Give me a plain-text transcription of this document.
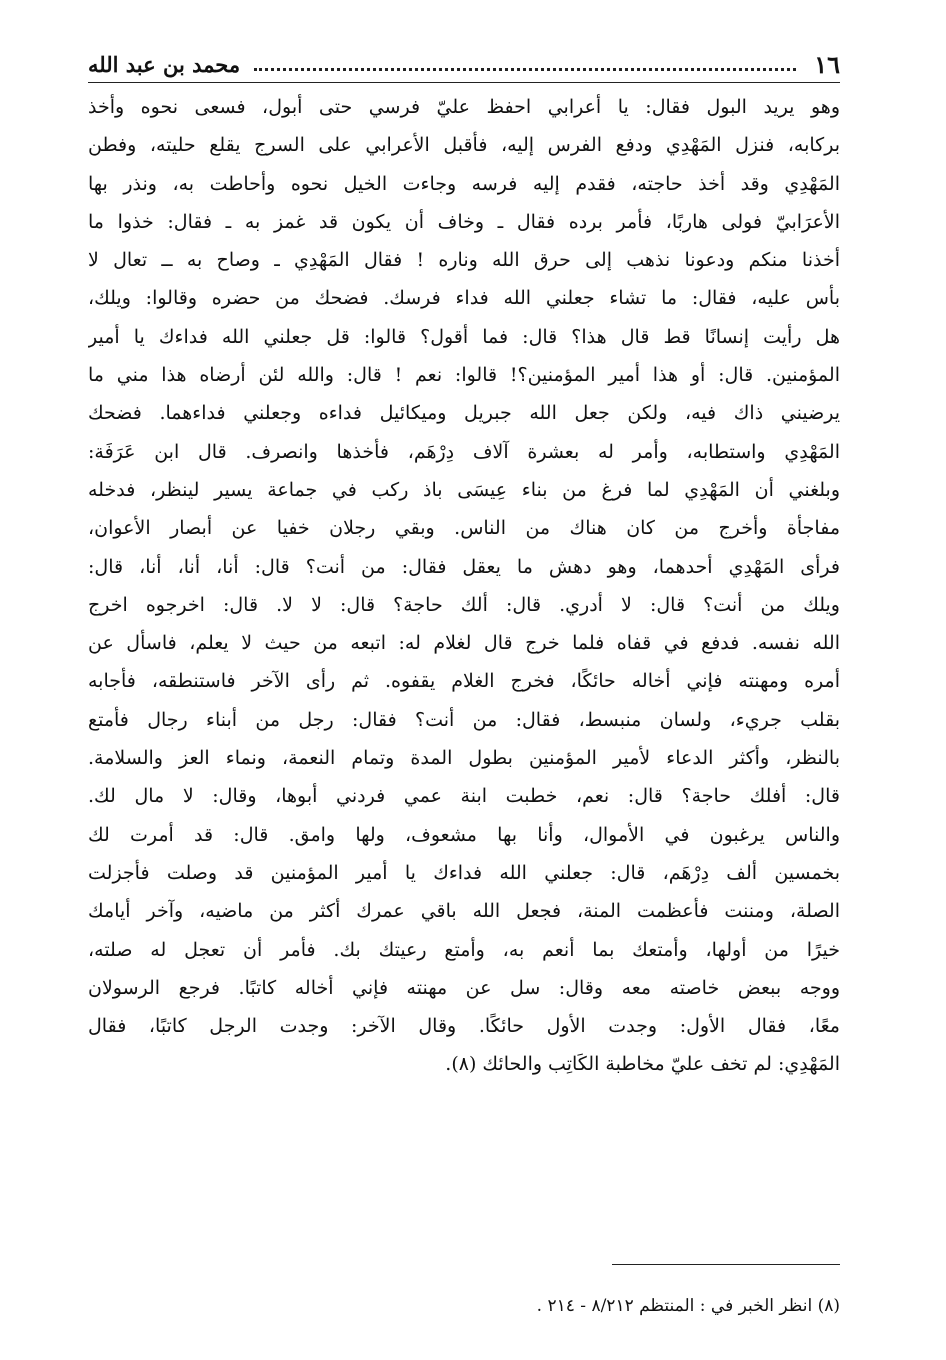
١٦
محمد بن عبد الله
وهو يريد البول فقال: يا أعرابي احفظ عليّ فرسي حتى أبول، فسعى نحوه وأخذ
بركابه، فنزل المَهْدِي ودفع الفرس إليه، فأقبل الأعرابي على السرج يقلع حليته، وفطن
المَهْدِي وقد أخذ حاجته، فقدم إليه فرسه وجاءت الخيل نحوه وأحاطت به، ونذر بها
الأعرَابيّ فولى هاربًا، فأمر برده فقال ـ وخاف أن يكون قد غمز به ـ فقال: خذوا ما
أخذنا منكم ودعونا نذهب إلى حرق الله وناره ! فقال المَهْدِي ـ وصاح به ــ تعال لا
بأس عليه، فقال: ما تشاء جعلني الله فداء فرسك. فضحك من حضره وقالوا: ويلك،
هل رأيت إنسانًا قط قال هذا؟ قال: فما أقول؟ قالوا: قل جعلني الله فداءك يا أمير
المؤمنين. قال: أو هذا أمير المؤمنين؟! قالوا: نعم ! قال: والله لئن أرضاه هذا مني ما
يرضيني ذاك فيه، ولكن جعل الله جبريل وميكائيل فداءه وجعلني فداءهما. فضحك
المَهْدِي واستطابه، وأمر له بعشرة آلاف دِرْهَم، فأخذها وانصرف. قال ابن عَرَفَة:
وبلغني أن المَهْدِي لما فرغ من بناء عِيسَى باذ ركب في جماعة يسير لينظر، فدخله
مفاجأة وأخرج من كان هناك من الناس. وبقي رجلان خفيا عن أبصار الأعوان،
فرأى المَهْدِي أحدهما، وهو دهش ما يعقل فقال: من أنت؟ قال: أنا، أنا، أنا، قال:
ويلك من أنت؟ قال: لا أدري. قال: ألك حاجة؟ قال: لا لا. قال: اخرجوه اخرج
الله نفسه. فدفع في قفاه فلما خرج قال لغلام له: اتبعه من حيث لا يعلم، فاسأل عن
أمره ومهنته فإني أخاله حائكًا، فخرج الغلام يقفوه. ثم رأى الآخر فاستنطقه، فأجابه
بقلب جريء، ولسان منبسط، فقال: من أنت؟ فقال: رجل من أبناء رجال فأمتع
بالنظر، وأكثر الدعاء لأمير المؤمنين بطول المدة وتمام النعمة، ونماء العز والسلامة.
قال: أفلك حاجة؟ قال: نعم، خطبت ابنة عمي فردني أبوها، وقال: لا مال لك.
والناس يرغبون في الأموال، وأنا بها مشعوف، ولها وامق. قال: قد أمرت لك
بخمسين ألف دِرْهَم، قال: جعلني الله فداءك يا أمير المؤمنين قد وصلت فأجزلت
الصلة، ومننت فأعظمت المنة، فجعل الله باقي عمرك أكثر من ماضيه، وآخر أيامك
خيرًا من أولها، وأمتعك بما أنعم به، وأمتع رعيتك بك. فأمر أن تعجل له صلته،
ووجه ببعض خاصته معه وقال: سل عن مهنته فإني أخاله كاتبًا. فرجع الرسولان
معًا، فقال الأول: وجدت الأول حائكًا. وقال الآخر: وجدت الرجل كاتبًا، فقال
المَهْدِي: لم تخف عليّ مخاطبة الكَاتِب والحائك (٨).
(٨) انظر الخبر في : المنتظم ٨/٢١٢ - ٢١٤ .
